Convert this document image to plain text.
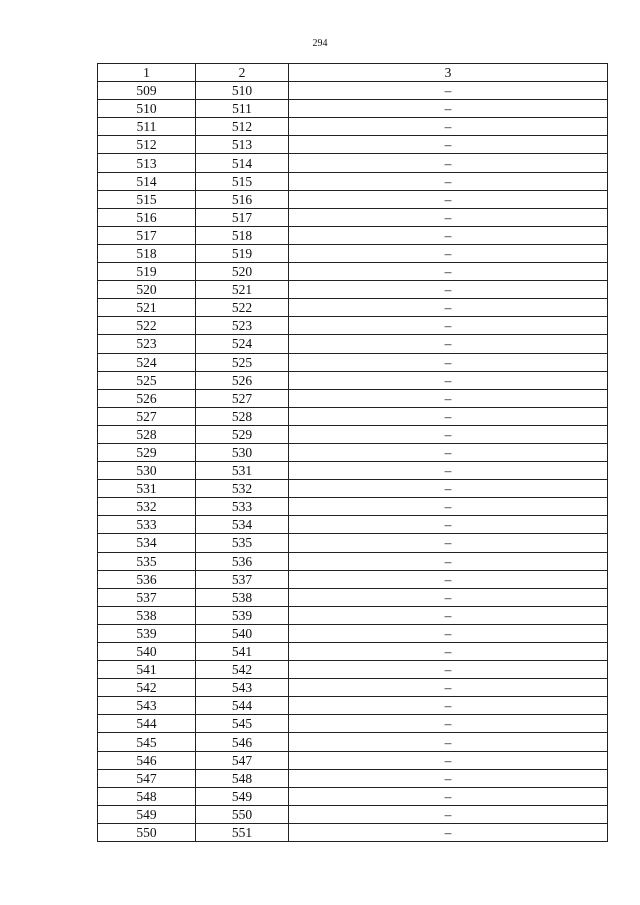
294
1	2	3
509	510	–
510	511	–
511	512	–
512	513	–
513	514	–
514	515	–
515	516	–
516	517	–
517	518	–
518	519	–
519	520	–
520	521	–
521	522	–
522	523	–
523	524	–
524	525	–
525	526	–
526	527	–
527	528	–
528	529	–
529	530	–
530	531	–
531	532	–
532	533	–
533	534	–
534	535	–
535	536	–
536	537	–
537	538	–
538	539	–
539	540	–
540	541	–
541	542	–
542	543	–
543	544	–
544	545	–
545	546	–
546	547	–
547	548	–
548	549	–
549	550	–
550	551	–
